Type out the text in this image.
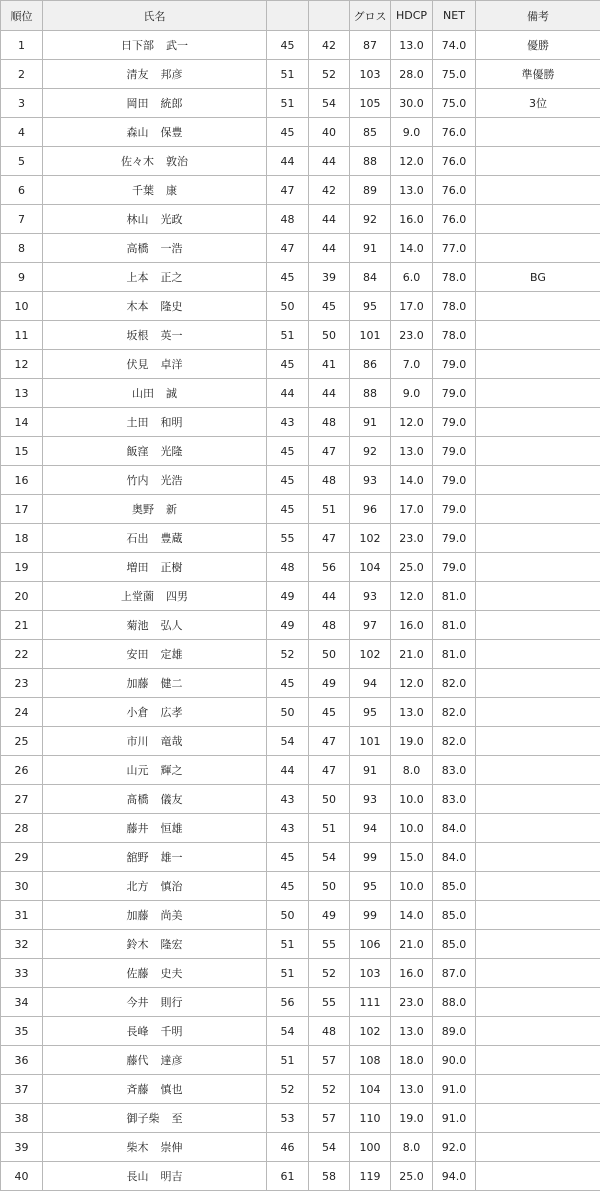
順位	氏名			グロス	HDCP	NET	備考
1	日下部 武一	45	42	87	13.0	74.0	優勝
2	清友 邦彦	51	52	103	28.0	75.0	準優勝
3	岡田 統郎	51	54	105	30.0	75.0	3位
4	森山 保豊	45	40	85	9.0	76.0	
5	佐々木 敦治	44	44	88	12.0	76.0	
6	千葉 康	47	42	89	13.0	76.0	
7	林山 光政	48	44	92	16.0	76.0	
8	高橋 一浩	47	44	91	14.0	77.0	
9	上本 正之	45	39	84	6.0	78.0	BG
10	木本 隆史	50	45	95	17.0	78.0	
11	坂根 英一	51	50	101	23.0	78.0	
12	伏見 卓洋	45	41	86	7.0	79.0	
13	山田 誠	44	44	88	9.0	79.0	
14	土田 和明	43	48	91	12.0	79.0	
15	飯窪 光隆	45	47	92	13.0	79.0	
16	竹内 光浩	45	48	93	14.0	79.0	
17	奥野 新	45	51	96	17.0	79.0	
18	石出 豊蔵	55	47	102	23.0	79.0	
19	増田 正樹	48	56	104	25.0	79.0	
20	上堂薗 四男	49	44	93	12.0	81.0	
21	菊池 弘人	49	48	97	16.0	81.0	
22	安田 定雄	52	50	102	21.0	81.0	
23	加藤 健二	45	49	94	12.0	82.0	
24	小倉 広孝	50	45	95	13.0	82.0	
25	市川 竜哉	54	47	101	19.0	82.0	
26	山元 輝之	44	47	91	8.0	83.0	
27	髙橋 儀友	43	50	93	10.0	83.0	
28	藤井 恒雄	43	51	94	10.0	84.0	
29	舘野 雄一	45	54	99	15.0	84.0	
30	北方 慎治	45	50	95	10.0	85.0	
31	加藤 尚美	50	49	99	14.0	85.0	
32	鈴木 隆宏	51	55	106	21.0	85.0	
33	佐藤 史夫	51	52	103	16.0	87.0	
34	今井 則行	56	55	111	23.0	88.0	
35	長峰 千明	54	48	102	13.0	89.0	
36	藤代 達彦	51	57	108	18.0	90.0	
37	斉藤 慎也	52	52	104	13.0	91.0	
38	御子柴 至	53	57	110	19.0	91.0	
39	柴木 崇伸	46	54	100	8.0	92.0	
40	長山 明吉	61	58	119	25.0	94.0	
